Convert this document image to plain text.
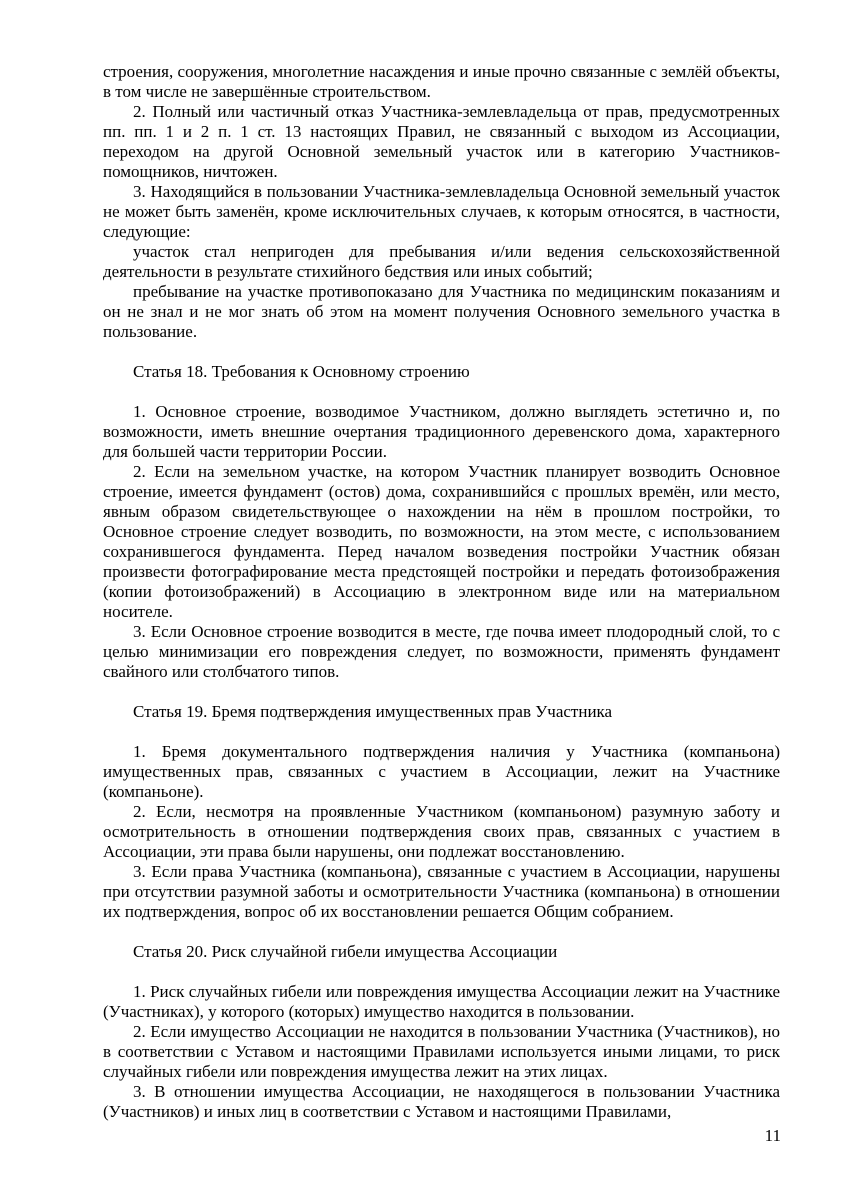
строения, сооружения, многолетние насаждения и иные прочно связанные с землёй объекты, в том числе не завершённые строительством.

2. Полный или частичный отказ Участника-землевладельца от прав, предусмотренных пп. пп. 1 и 2 п. 1 ст. 13 настоящих Правил, не связанный с выходом из Ассоциации, переходом на другой Основной земельный участок или в категорию Участников-помощников, ничтожен.

3. Находящийся в пользовании Участника-землевладельца Основной земельный участок не может быть заменён, кроме исключительных случаев, к которым относятся, в частности, следующие:

участок стал непригоден для пребывания и/или ведения сельскохозяйственной деятельности в результате стихийного бедствия или иных событий;

пребывание на участке противопоказано для Участника по медицинским показаниям и он не знал и не мог знать об этом на момент получения Основного земельного участка в пользование.

Статья 18. Требования к Основному строению

1. Основное строение, возводимое Участником, должно выглядеть эстетично и, по возможности, иметь внешние очертания традиционного деревенского дома, характерного для большей части территории России.

2. Если на земельном участке, на котором Участник планирует возводить Основное строение, имеется фундамент (остов) дома, сохранившийся с прошлых времён, или место, явным образом свидетельствующее о нахождении на нём в прошлом постройки, то Основное строение следует возводить, по возможности, на этом месте, с использованием сохранившегося фундамента. Перед началом возведения постройки Участник обязан произвести фотографирование места предстоящей постройки и передать фотоизображения (копии фотоизображений) в Ассоциацию в электронном виде или на материальном носителе.

3. Если Основное строение возводится в месте, где почва имеет плодородный слой, то с целью минимизации его повреждения следует, по возможности, применять фундамент свайного или столбчатого типов.

Статья 19. Бремя подтверждения имущественных прав Участника

1. Бремя документального подтверждения наличия у Участника (компаньона) имущественных прав, связанных с участием в Ассоциации, лежит на Участнике (компаньоне).

2. Если, несмотря на проявленные Участником (компаньоном) разумную заботу и осмотрительность в отношении подтверждения своих прав, связанных с участием в Ассоциации, эти права были нарушены, они подлежат восстановлению.

3. Если права Участника (компаньона), связанные с участием в Ассоциации, нарушены при отсутствии разумной заботы и осмотрительности Участника (компаньона) в отношении их подтверждения, вопрос об их восстановлении решается Общим собранием.

Статья 20. Риск случайной гибели имущества Ассоциации

1. Риск случайных гибели или повреждения имущества Ассоциации лежит на Участнике (Участниках), у которого (которых) имущество находится в пользовании.

2. Если имущество Ассоциации не находится в пользовании Участника (Участников), но в соответствии с Уставом и настоящими Правилами используется иными лицами, то риск случайных гибели или повреждения имущества лежит на этих лицах.

3. В отношении имущества Ассоциации, не находящегося в пользовании Участника (Участников) и иных лиц в соответствии с Уставом и настоящими Правилами,

11
